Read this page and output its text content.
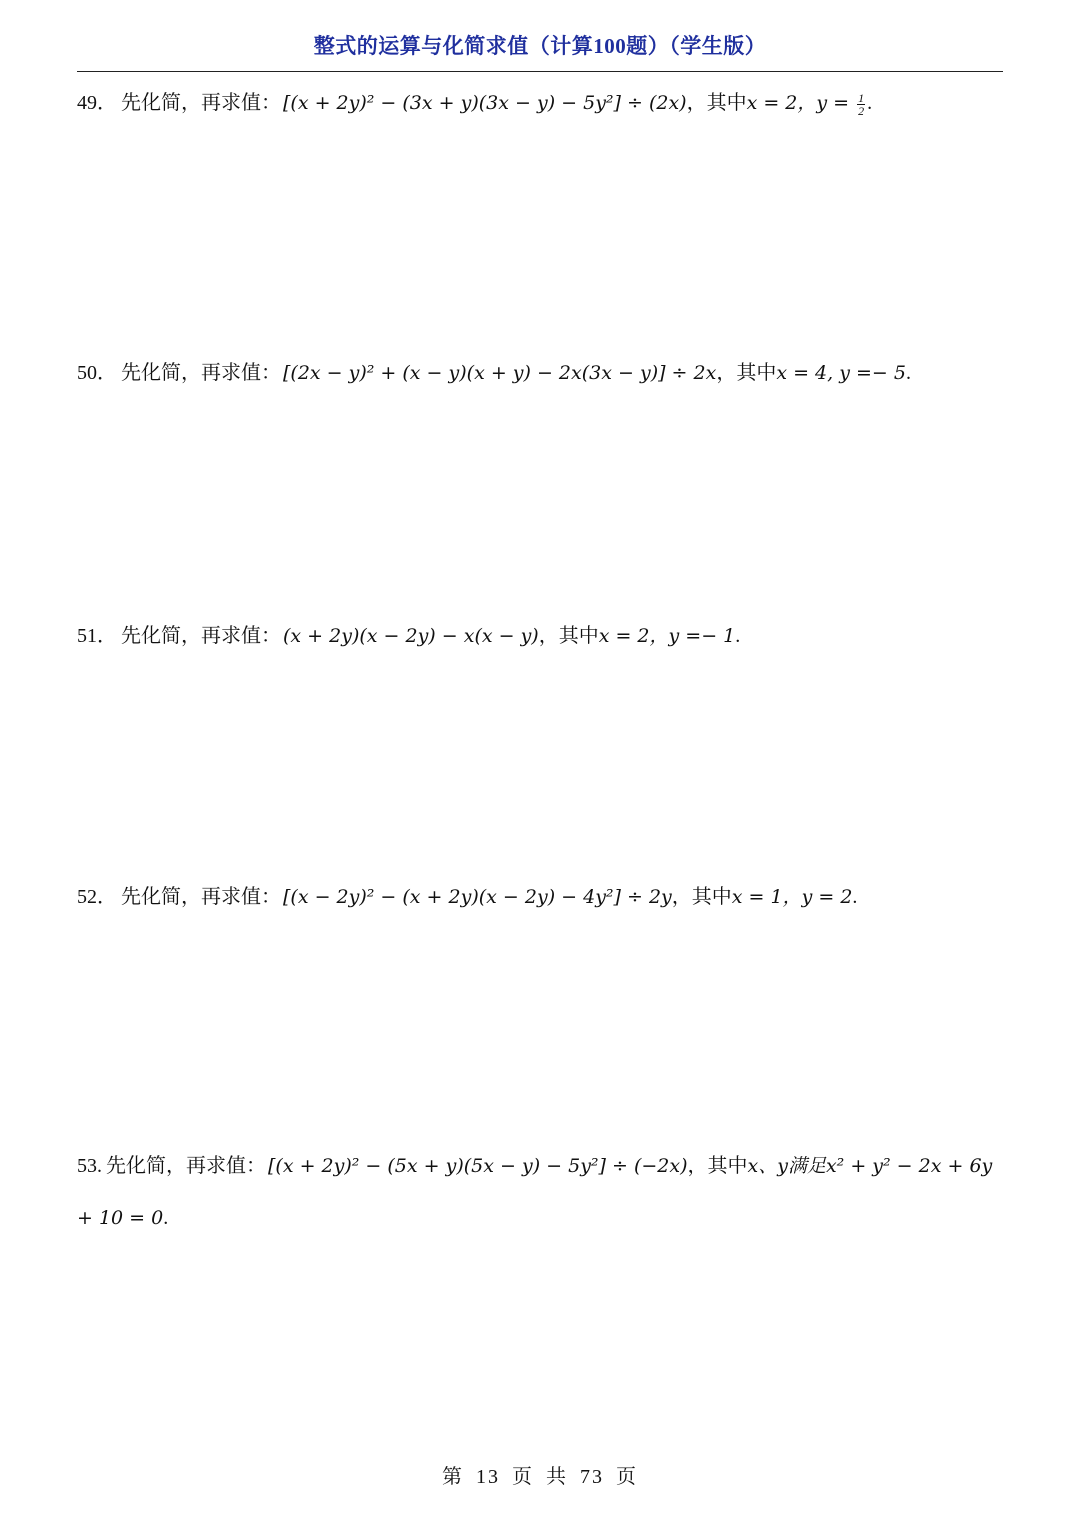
整式的运算与化简求值（计算100题）（学生版）
49． 先化简，再求值： [(x + 2y)² − (3x + y)(3x − y) − 5y²] ÷ (2x)，其中x = 2，$y = \frac{1}{2}$ .
50． 先化简，再求值： [(2x − y)² + (x − y)(x + y) − 2x(3x − y)] ÷ 2x，其中x = 4, y =− 5.
51． 先化简，再求值： (x + 2y)(x − 2y) − x(x − y)，其中x = 2，y =− 1.
52． 先化简，再求值： [(x − 2y)² − (x + 2y)(x − 2y) − 4y²] ÷ 2y，其中x = 1，y = 2.
53. 先化简，再求值： [(x + 2y)² − (5x + y)(5x − y) − 5y²] ÷ (−2x)，其中x、y满足x² + y² − 2x + 6y + 10 = 0.
第 13 页 共 73 页
